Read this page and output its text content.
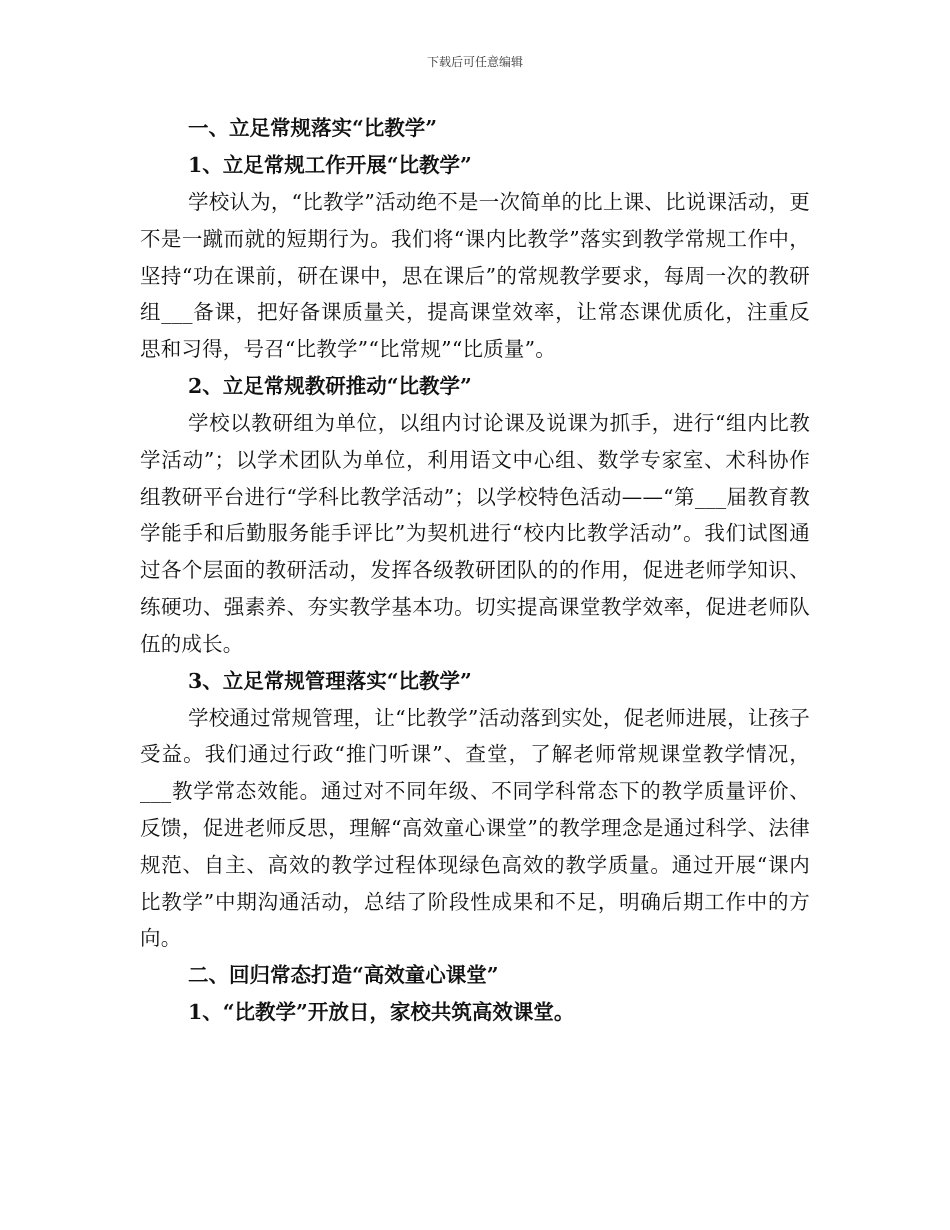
下载后可任意编辑
一、立足常规落实“比教学”
1、立足常规工作开展“比教学”

学校认为，“比教学”活动绝不是一次简单的比上课、比说课活动，更不是一蹴而就的短期行为。我们将“课内比教学”落实到教学常规工作中，坚持“功在课前，研在课中，思在课后”的常规教学要求，每周一次的教研组___备课，把好备课质量关，提高课堂效率，让常态课优质化，注重反思和习得，号召“比教学”“比常规”“比质量”。

2、立足常规教研推动“比教学”

学校以教研组为单位，以组内讨论课及说课为抓手，进行“组内比教学活动”；以学术团队为单位，利用语文中心组、数学专家室、术科协作组教研平台进行“学科比教学活动”；以学校特色活动——“第___届教育教学能手和后勤服务能手评比”为契机进行“校内比教学活动”。我们试图通过各个层面的教研活动，发挥各级教研团队的的作用，促进老师学知识、练硬功、强素养、夯实教学基本功。切实提高课堂教学效率，促进老师队伍的成长。

3、立足常规管理落实“比教学”

学校通过常规管理，让“比教学”活动落到实处，促老师进展，让孩子受益。我们通过行政“推门听课”、查堂，了解老师常规课堂教学情况，___教学常态效能。通过对不同年级、不同学科常态下的教学质量评价、反馈，促进老师反思，理解“高效童心课堂”的教学理念是通过科学、法律规范、自主、高效的教学过程体现绿色高效的教学质量。通过开展“课内比教学”中期沟通活动，总结了阶段性成果和不足，明确后期工作中的方向。

二、回归常态打造“高效童心课堂”
1、“比教学”开放日，家校共筑高效课堂。
